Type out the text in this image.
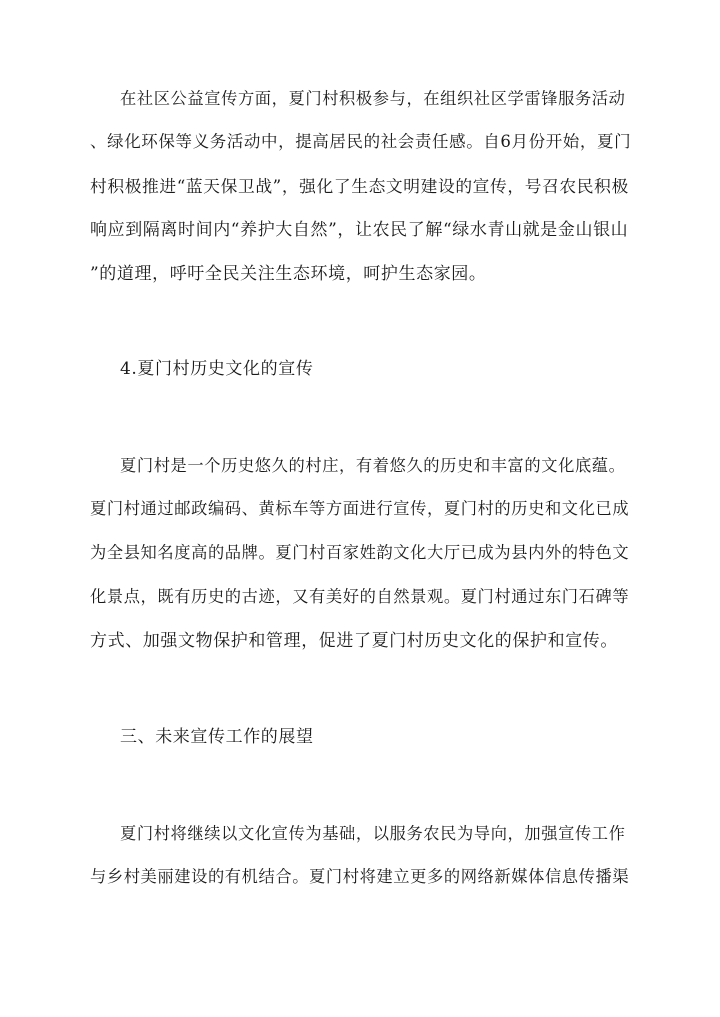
在社区公益宣传方面，夏门村积极参与，在组织社区学雷锋服务活动
、绿化环保等义务活动中，提高居民的社会责任感。自6月份开始，夏门
村积极推进“蓝天保卫战”，强化了生态文明建设的宣传，号召农民积极
响应到隔离时间内“养护大自然”，让农民了解“绿水青山就是金山银山
”的道理，呼吁全民关注生态环境，呵护生态家园。
4.夏门村历史文化的宣传
夏门村是一个历史悠久的村庄，有着悠久的历史和丰富的文化底蕴。
夏门村通过邮政编码、黄标车等方面进行宣传，夏门村的历史和文化已成
为全县知名度高的品牌。夏门村百家姓韵文化大厅已成为县内外的特色文
化景点，既有历史的古迹，又有美好的自然景观。夏门村通过东门石碑等
方式、加强文物保护和管理，促进了夏门村历史文化的保护和宣传。
三、未来宣传工作的展望
夏门村将继续以文化宣传为基础，以服务农民为导向，加强宣传工作
与乡村美丽建设的有机结合。夏门村将建立更多的网络新媒体信息传播渠
